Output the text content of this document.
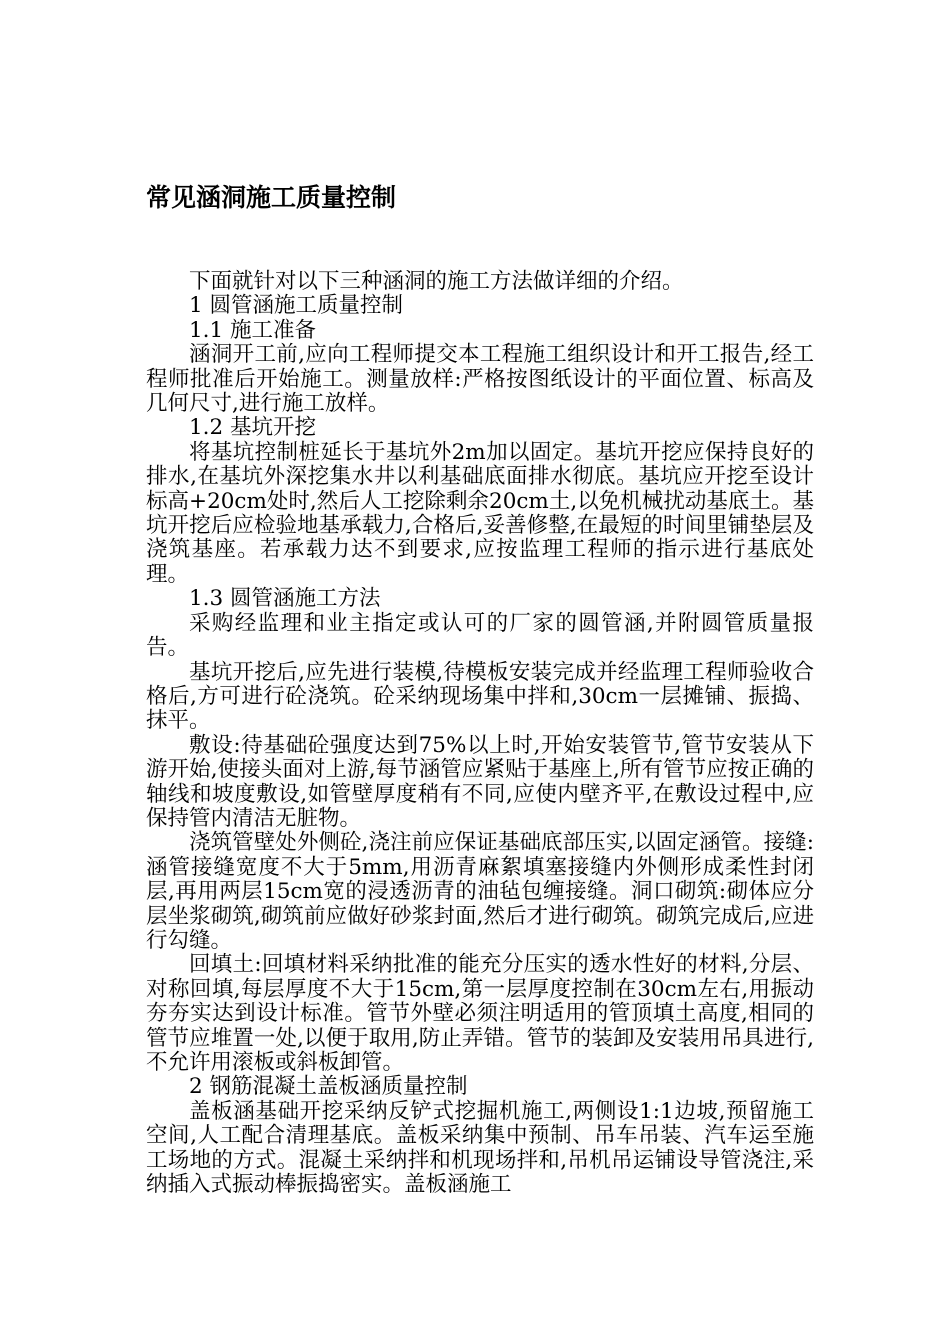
常见涵洞施工质量控制

下面就针对以下三种涵洞的施工方法做详细的介绍。

1 圆管涵施工质量控制

1.1 施工准备

涵洞开工前,应向工程师提交本工程施工组织设计和开工报告,经工程师批准后开始施工。测量放样:严格按图纸设计的平面位置、标高及几何尺寸,进行施工放样。

1.2 基坑开挖

将基坑控制桩延长于基坑外2m加以固定。基坑开挖应保持良好的排水,在基坑外深挖集水井以利基础底面排水彻底。基坑应开挖至设计标高+20cm处时,然后人工挖除剩余20cm土,以免机械扰动基底土。基坑开挖后应检验地基承载力,合格后,妥善修整,在最短的时间里铺垫层及浇筑基座。若承载力达不到要求,应按监理工程师的指示进行基底处理。

1.3 圆管涵施工方法

采购经监理和业主指定或认可的厂家的圆管涵,并附圆管质量报告。

基坑开挖后,应先进行装模,待模板安装完成并经监理工程师验收合格后,方可进行砼浇筑。砼采纳现场集中拌和,30cm一层摊铺、振捣、抹平。

敷设:待基础砼强度达到75%以上时,开始安装管节,管节安装从下游开始,使接头面对上游,每节涵管应紧贴于基座上,所有管节应按正确的轴线和坡度敷设,如管壁厚度稍有不同,应使内壁齐平,在敷设过程中,应保持管内清洁无脏物。

浇筑管壁处外侧砼,浇注前应保证基础底部压实,以固定涵管。接缝:涵管接缝宽度不大于5mm,用沥青麻絮填塞接缝内外侧形成柔性封闭层,再用两层15cm宽的浸透沥青的油毡包缠接缝。洞口砌筑:砌体应分层坐浆砌筑,砌筑前应做好砂浆封面,然后才进行砌筑。砌筑完成后,应进行勾缝。

回填土:回填材料采纳批准的能充分压实的透水性好的材料,分层、对称回填,每层厚度不大于15cm,第一层厚度控制在30cm左右,用振动夯夯实达到设计标准。管节外壁必须注明适用的管顶填土高度,相同的管节应堆置一处,以便于取用,防止弄错。管节的装卸及安装用吊具进行,不允许用滚板或斜板卸管。

2 钢筋混凝土盖板涵质量控制

盖板涵基础开挖采纳反铲式挖掘机施工,两侧设1:1边坡,预留施工空间,人工配合清理基底。盖板采纳集中预制、吊车吊装、汽车运至施工场地的方式。混凝土采纳拌和机现场拌和,吊机吊运铺设导管浇注,采纳插入式振动棒振捣密实。盖板涵施工
